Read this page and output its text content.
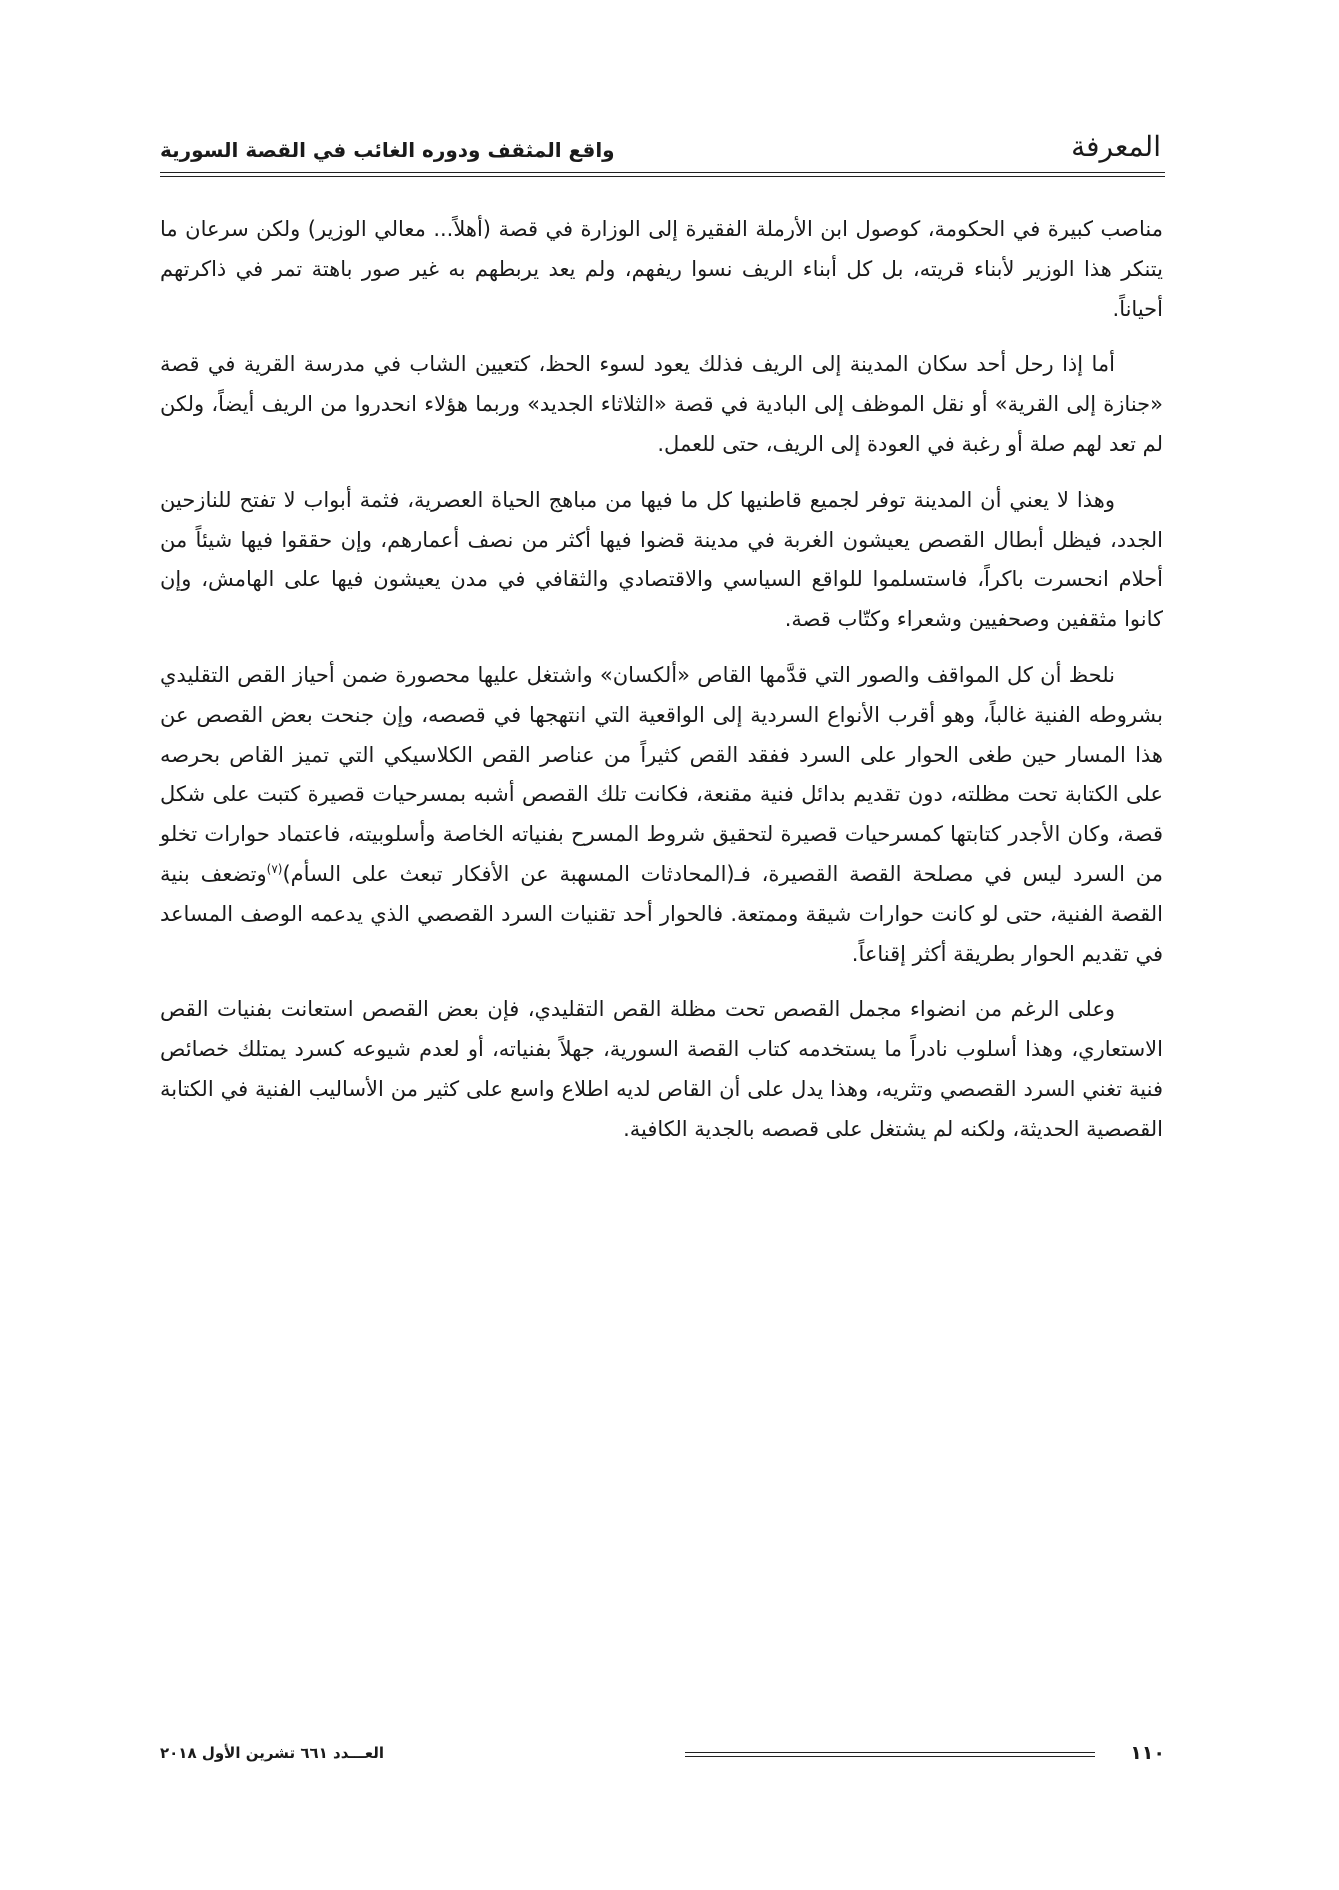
واقع المثقف ودوره الغائب في القصة السورية	المعرفة

مناصب كبيرة في الحكومة، كوصول ابن الأرملة الفقيرة إلى الوزارة في قصة (أهلاً... معالي الوزير) ولكن سرعان ما يتنكر هذا الوزير لأبناء قريته، بل كل أبناء الريف نسوا ريفهم، ولم يعد يربطهم به غير صور باهتة تمر في ذاكرتهم أحياناً.

أما إذا رحل أحد سكان المدينة إلى الريف فذلك يعود لسوء الحظ، كتعيين الشاب في مدرسة القرية في قصة «جنازة إلى القرية» أو نقل الموظف إلى البادية في قصة «الثلاثاء الجديد» وربما هؤلاء انحدروا من الريف أيضاً، ولكن لم تعد لهم صلة أو رغبة في العودة إلى الريف، حتى للعمل.

وهذا لا يعني أن المدينة توفر لجميع قاطنيها كل ما فيها من مباهج الحياة العصرية، فثمة أبواب لا تفتح للنازحين الجدد، فيظل أبطال القصص يعيشون الغربة في مدينة قضوا فيها أكثر من نصف أعمارهم، وإن حققوا فيها شيئاً من أحلام انحسرت باكراً، فاستسلموا للواقع السياسي والاقتصادي والثقافي في مدن يعيشون فيها على الهامش، وإن كانوا مثقفين وصحفيين وشعراء وكتّاب قصة.

نلحظ أن كل المواقف والصور التي قدَّمها القاص «ألكسان» واشتغل عليها محصورة ضمن أحياز القص التقليدي بشروطه الفنية غالباً، وهو أقرب الأنواع السردية إلى الواقعية التي انتهجها في قصصه، وإن جنحت بعض القصص عن هذا المسار حين طغى الحوار على السرد ففقد القص كثيراً من عناصر القص الكلاسيكي التي تميز القاص بحرصه على الكتابة تحت مظلته، دون تقديم بدائل فنية مقنعة، فكانت تلك القصص أشبه بمسرحيات قصيرة كتبت على شكل قصة، وكان الأجدر كتابتها كمسرحيات قصيرة لتحقيق شروط المسرح بفنياته الخاصة وأسلوبيته، فاعتماد حوارات تخلو من السرد ليس في مصلحة القصة القصيرة، فـ(المحادثات المسهبة عن الأفكار تبعث على السأم)$^{(٧)}$وتضعف بنية القصة الفنية، حتى لو كانت حوارات شيقة وممتعة. فالحوار أحد تقنيات السرد القصصي الذي يدعمه الوصف المساعد في تقديم الحوار بطريقة أكثر إقناعاً.

وعلى الرغم من انضواء مجمل القصص تحت مظلة القص التقليدي، فإن بعض القصص استعانت بفنيات القص الاستعاري، وهذا أسلوب نادراً ما يستخدمه كتاب القصة السورية، جهلاً بفنياته، أو لعدم شيوعه كسرد يمتلك خصائص فنية تغني السرد القصصي وتثريه، وهذا يدل على أن القاص لديه اطلاع واسع على كثير من الأساليب الفنية في الكتابة القصصية الحديثة، ولكنه لم يشتغل على قصصه بالجدية الكافية.

١١٠
العـــدد ٦٦١ تشرين الأول ٢٠١٨
